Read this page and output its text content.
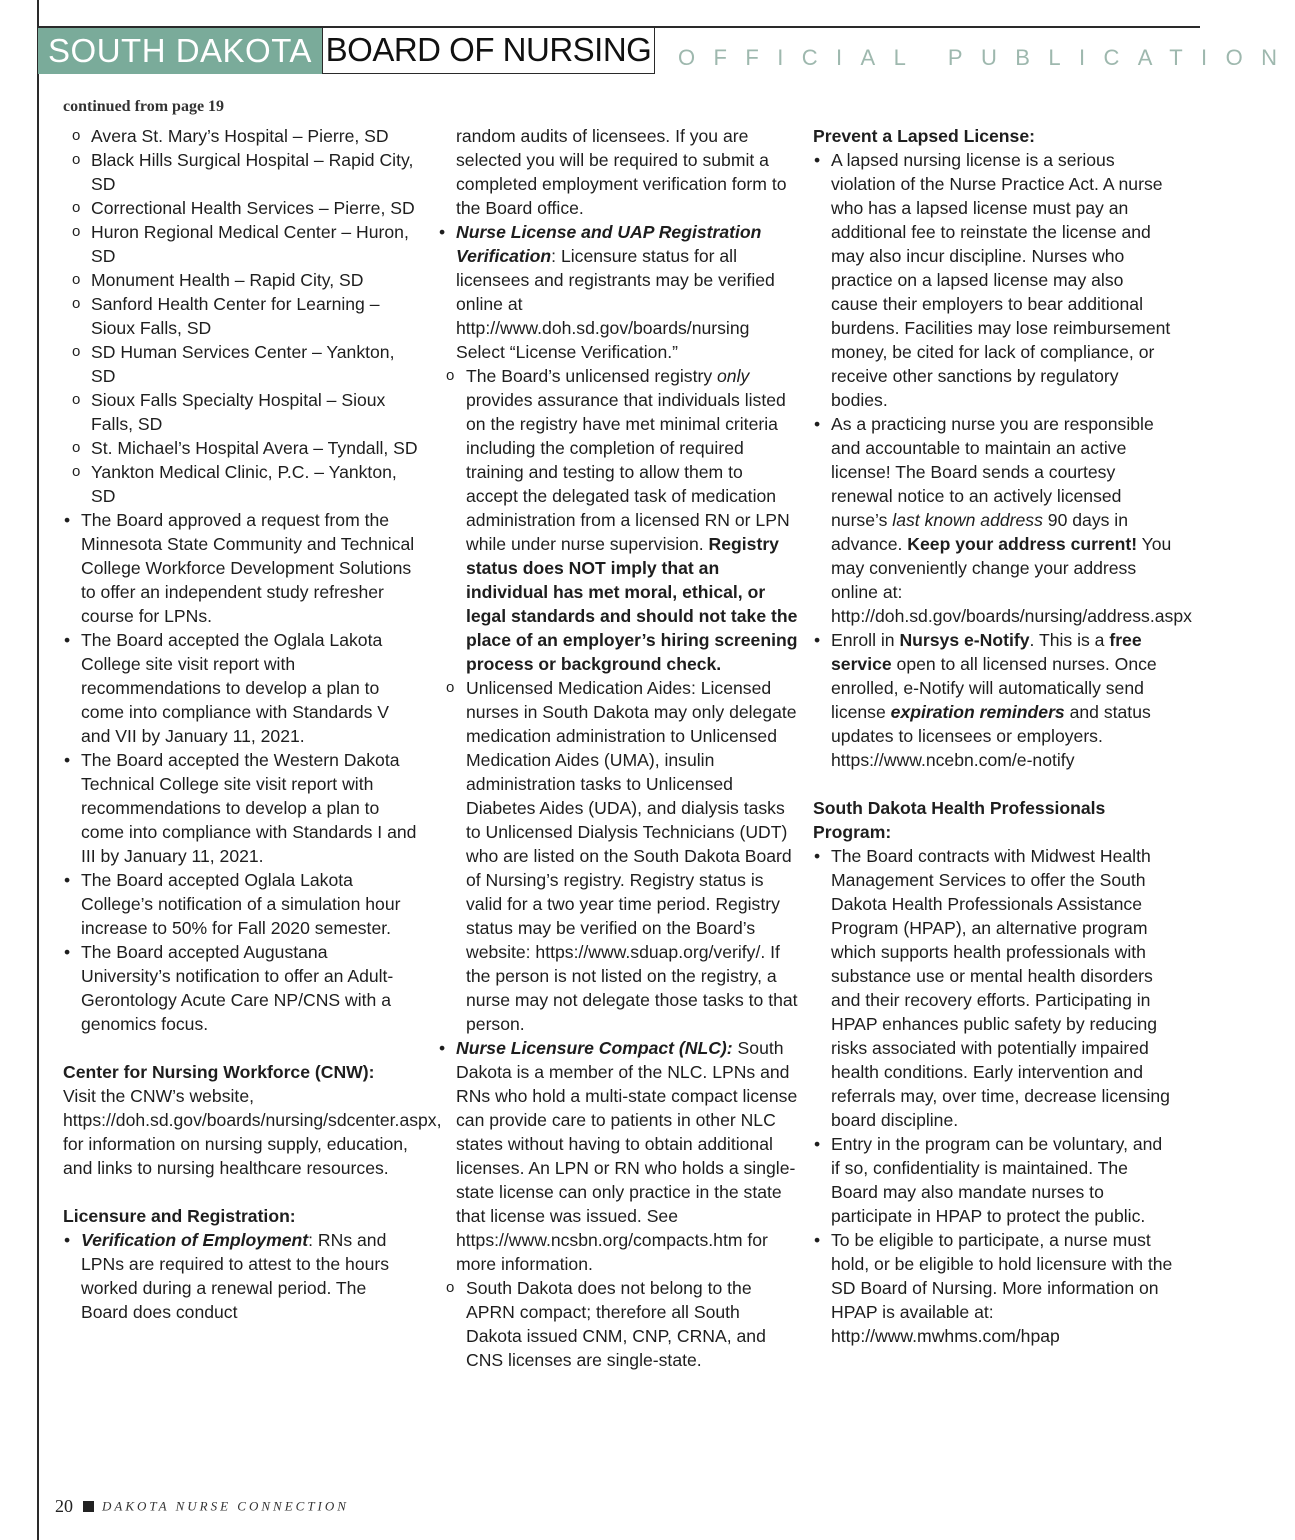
SOUTH DAKOTA BOARD OF NURSING OFFICIAL PUBLICATION
continued from page 19
o Avera St. Mary’s Hospital – Pierre, SD
o Black Hills Surgical Hospital – Rapid City, SD
o Correctional Health Services – Pierre, SD
o Huron Regional Medical Center – Huron, SD
o Monument Health – Rapid City, SD
o Sanford Health Center for Learning – Sioux Falls, SD
o SD Human Services Center – Yankton, SD
o Sioux Falls Specialty Hospital – Sioux Falls, SD
o St. Michael’s Hospital Avera – Tyndall, SD
o Yankton Medical Clinic, P.C. – Yankton, SD
• The Board approved a request from the Minnesota State Community and Technical College Workforce Development Solutions to offer an independent study refresher course for LPNs.
• The Board accepted the Oglala Lakota College site visit report with recommendations to develop a plan to come into compliance with Standards V and VII by January 11, 2021.
• The Board accepted the Western Dakota Technical College site visit report with recommendations to develop a plan to come into compliance with Standards I and III by January 11, 2021.
• The Board accepted Oglala Lakota College’s notification of a simulation hour increase to 50% for Fall 2020 semester.
• The Board accepted Augustana University’s notification to offer an Adult-Gerontology Acute Care NP/CNS with a genomics focus.
Center for Nursing Workforce (CNW):
Visit the CNW’s website, https://doh.sd.gov/boards/nursing/sdcenter.aspx, for information on nursing supply, education, and links to nursing healthcare resources.
Licensure and Registration:
• Verification of Employment: RNs and LPNs are required to attest to the hours worked during a renewal period. The Board does conduct
random audits of licensees. If you are selected you will be required to submit a completed employment verification form to the Board office.
• Nurse License and UAP Registration Verification: Licensure status for all licensees and registrants may be verified online at http://www.doh.sd.gov/boards/nursing Select “License Verification.”
o The Board’s unlicensed registry only provides assurance that individuals listed on the registry have met minimal criteria including the completion of required training and testing to allow them to accept the delegated task of medication administration from a licensed RN or LPN while under nurse supervision. Registry status does NOT imply that an individual has met moral, ethical, or legal standards and should not take the place of an employer’s hiring screening process or background check.
o Unlicensed Medication Aides: Licensed nurses in South Dakota may only delegate medication administration to Unlicensed Medication Aides (UMA), insulin administration tasks to Unlicensed Diabetes Aides (UDA), and dialysis tasks to Unlicensed Dialysis Technicians (UDT) who are listed on the South Dakota Board of Nursing’s registry. Registry status is valid for a two year time period. Registry status may be verified on the Board’s website: https://www.sduap.org/verify/. If the person is not listed on the registry, a nurse may not delegate those tasks to that person.
• Nurse Licensure Compact (NLC): South Dakota is a member of the NLC. LPNs and RNs who hold a multi-state compact license can provide care to patients in other NLC states without having to obtain additional licenses. An LPN or RN who holds a single-state license can only practice in the state that license was issued. See https://www.ncsbn.org/compacts.htm for more information.
o South Dakota does not belong to the APRN compact; therefore all South Dakota issued CNM, CNP, CRNA, and CNS licenses are single-state.
Prevent a Lapsed License:
• A lapsed nursing license is a serious violation of the Nurse Practice Act. A nurse who has a lapsed license must pay an additional fee to reinstate the license and may also incur discipline. Nurses who practice on a lapsed license may also cause their employers to bear additional burdens. Facilities may lose reimbursement money, be cited for lack of compliance, or receive other sanctions by regulatory bodies.
• As a practicing nurse you are responsible and accountable to maintain an active license! The Board sends a courtesy renewal notice to an actively licensed nurse’s last known address 90 days in advance. Keep your address current! You may conveniently change your address online at: http://doh.sd.gov/boards/nursing/address.aspx
• Enroll in Nursys e-Notify. This is a free service open to all licensed nurses. Once enrolled, e-Notify will automatically send license expiration reminders and status updates to licensees or employers. https://www.ncebn.com/e-notify
South Dakota Health Professionals Program:
• The Board contracts with Midwest Health Management Services to offer the South Dakota Health Professionals Assistance Program (HPAP), an alternative program which supports health professionals with substance use or mental health disorders and their recovery efforts. Participating in HPAP enhances public safety by reducing risks associated with potentially impaired health conditions. Early intervention and referrals may, over time, decrease licensing board discipline.
• Entry in the program can be voluntary, and if so, confidentiality is maintained. The Board may also mandate nurses to participate in HPAP to protect the public.
• To be eligible to participate, a nurse must hold, or be eligible to hold licensure with the SD Board of Nursing. More information on HPAP is available at: http://www.mwhms.com/hpap
20 DAKOTA NURSE CONNECTION
